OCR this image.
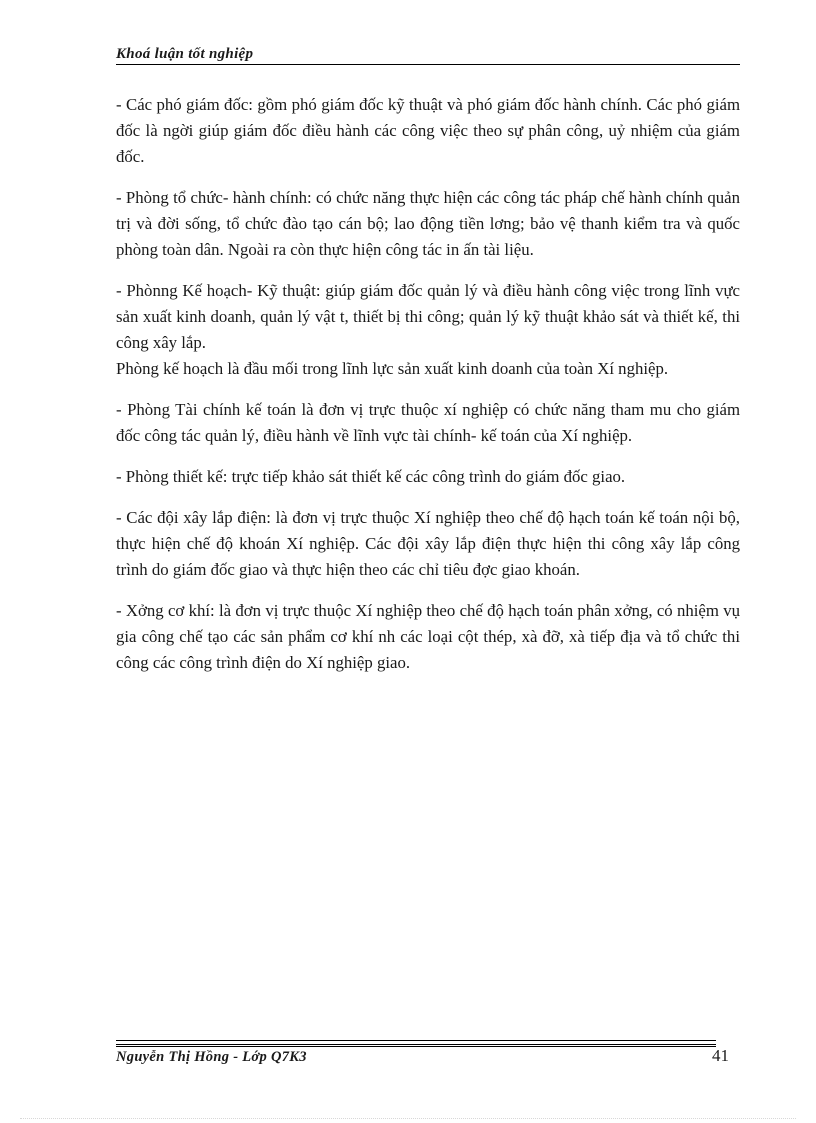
Khoá luận tốt nghiệp

- Các phó giám đốc: gồm phó giám đốc kỹ thuật và phó giám đốc hành chính. Các phó giám đốc là ngời giúp giám đốc điều hành các công việc theo sự phân công, uỷ nhiệm của giám đốc.

- Phòng tổ chức- hành chính: có chức năng thực hiện các công tác pháp chế hành chính quản trị và đời sống, tổ chức đào tạo cán bộ; lao động tiền lơng; bảo vệ thanh kiểm tra và quốc phòng toàn dân. Ngoài ra còn thực hiện công tác in ấn tài liệu.

- Phònng Kế hoạch- Kỹ thuật: giúp giám đốc quản lý và điều hành công việc trong lĩnh vực sản xuất kinh doanh, quản lý vật t, thiết bị thi công; quản lý kỹ thuật khảo sát và thiết kế, thi công xây lắp.

Phòng kế hoạch là đầu mối trong lĩnh lực sản xuất kinh doanh của toàn Xí nghiệp.

- Phòng Tài chính kế toán là đơn vị trực thuộc xí nghiệp có chức năng tham mu cho giám đốc công tác quản lý, điều hành về lĩnh vực tài chính- kế toán của Xí nghiệp.

- Phòng thiết kế: trực tiếp khảo sát thiết kế các công trình do giám đốc giao.

- Các đội xây lắp điện: là đơn vị trực thuộc Xí nghiệp theo chế độ hạch toán kế toán nội bộ, thực hiện chế độ khoán Xí nghiệp. Các đội xây lắp điện thực hiện thi công xây lắp công trình do giám đốc giao và thực hiện theo các chỉ tiêu đợc giao khoán.

- Xởng cơ khí: là đơn vị trực thuộc Xí nghiệp theo chế độ hạch toán phân xởng, có nhiệm vụ gia công chế tạo các sản phẩm cơ khí nh các loại cột thép, xà đỡ, xà tiếp địa và tổ chức thi công các công trình điện do Xí nghiệp giao.

Nguyễn Thị Hồng - Lớp Q7K3	41
